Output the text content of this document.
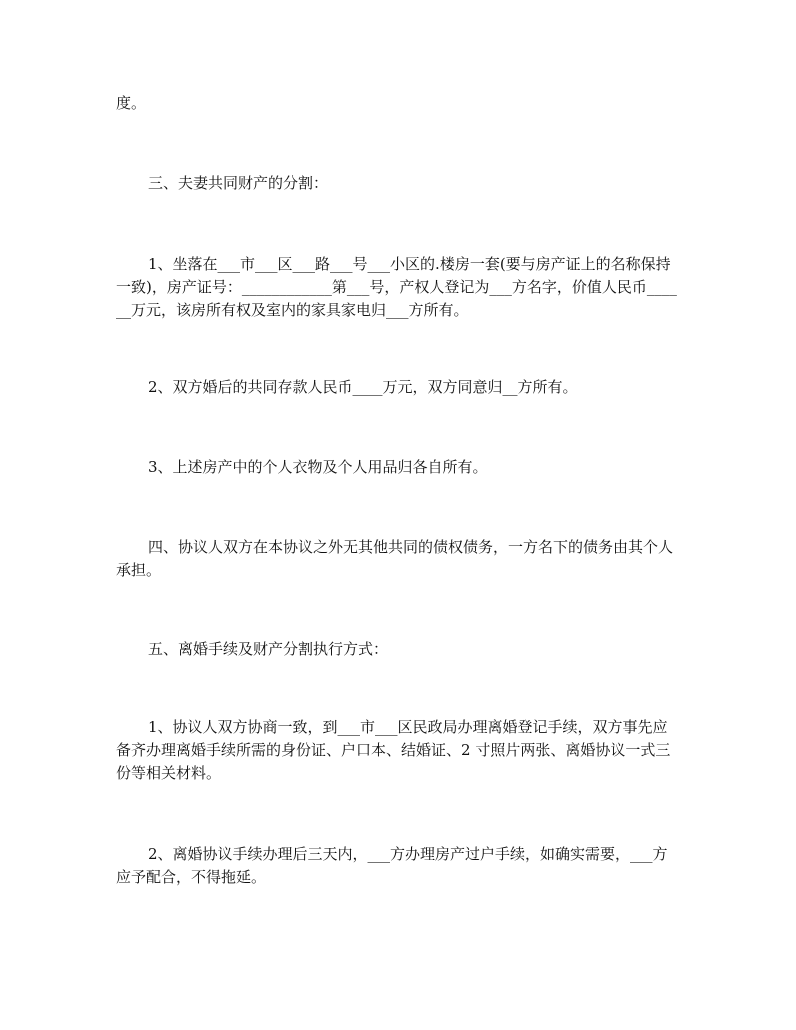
度。
三、夫妻共同财产的分割：
1、坐落在___市___区___路___号___小区的.楼房一套(要与房产证上的名称保持一致)，房产证号：____________第___号，产权人登记为___方名字，价值人民币______万元，该房所有权及室内的家具家电归___方所有。
2、双方婚后的共同存款人民币____万元，双方同意归__方所有。
3、上述房产中的个人衣物及个人用品归各自所有。
四、协议人双方在本协议之外无其他共同的债权债务，一方名下的债务由其个人承担。
五、离婚手续及财产分割执行方式：
1、协议人双方协商一致，到___市___区民政局办理离婚登记手续，双方事先应备齐办理离婚手续所需的身份证、户口本、结婚证、2 寸照片两张、离婚协议一式三份等相关材料。
2、离婚协议手续办理后三天内，___方办理房产过户手续，如确实需要，___方应予配合，不得拖延。
